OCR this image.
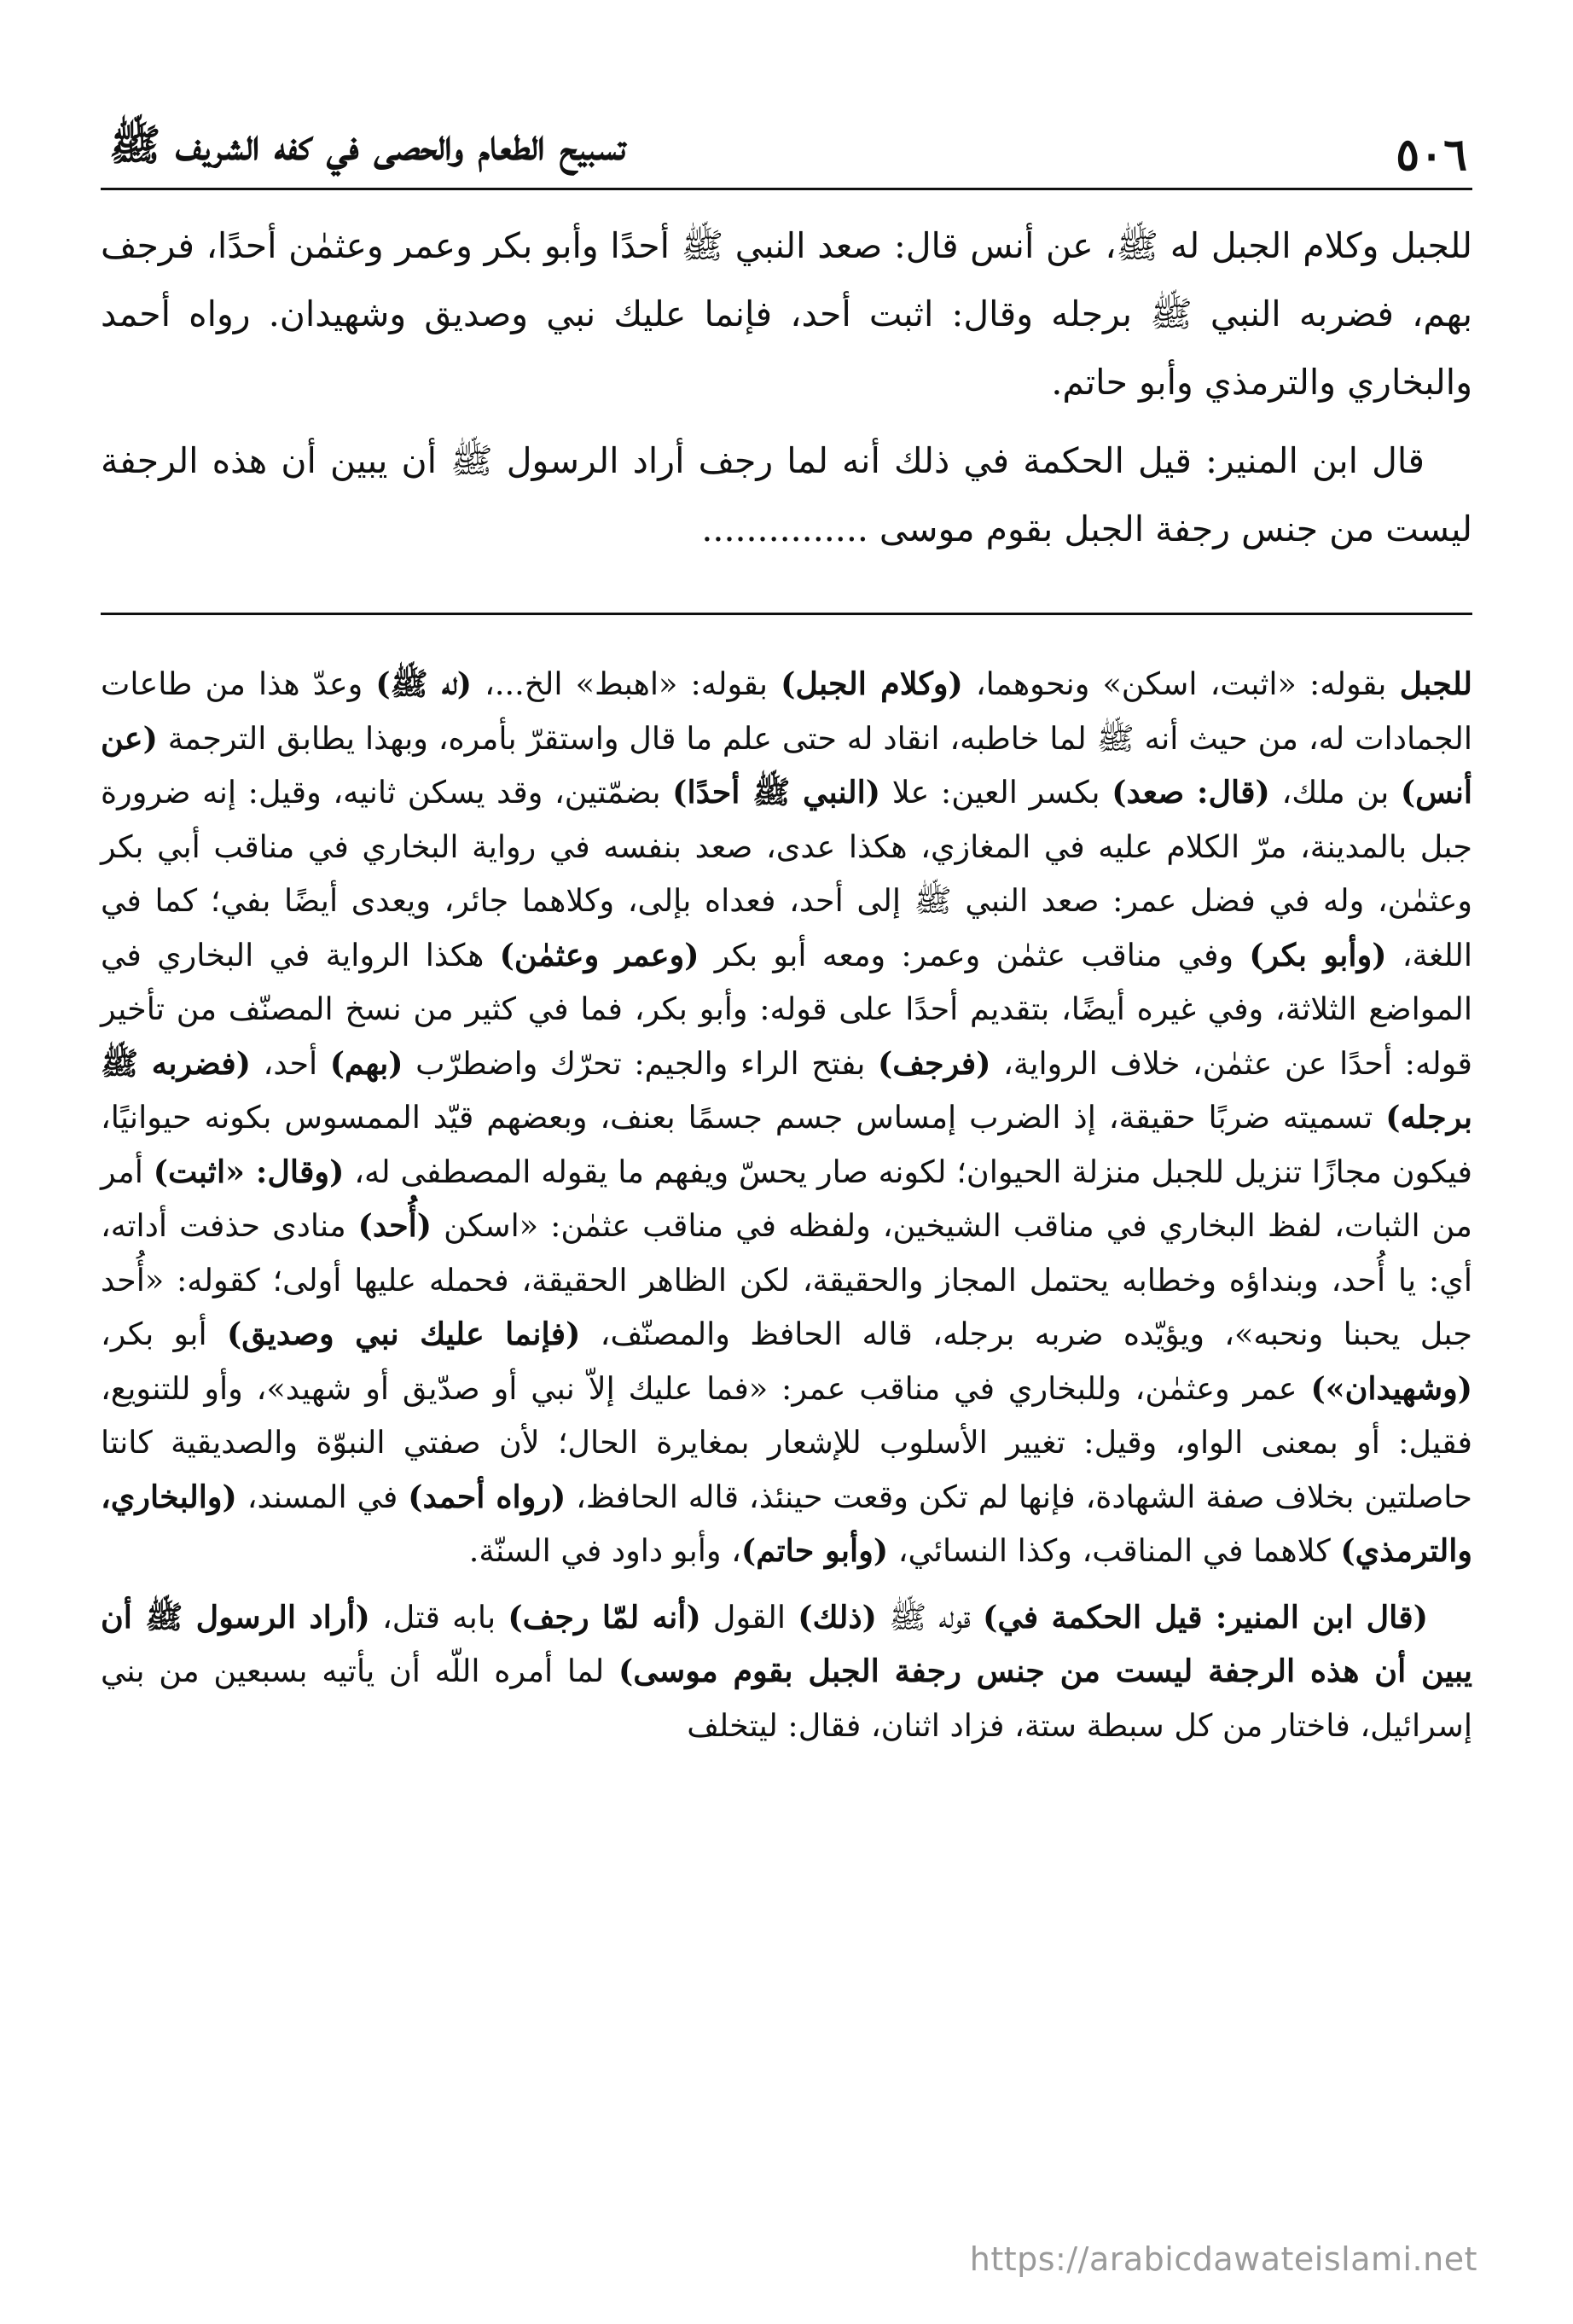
٥٠٦
تسبيح الطعام والحصى في كفه الشريف ﷺ

للجبل وكلام الجبل له ﷺ، عن أنس قال: صعد النبي ﷺ أحدًا وأبو بكر وعمر وعثمٰن أحدًا، فرجف بهم، فضربه النبي ﷺ برجله وقال: اثبت أحد، فإنما عليك نبي وصديق وشهيدان. رواه أحمد والبخاري والترمذي وأبو حاتم.

قال ابن المنير: قيل الحكمة في ذلك أنه لما رجف أراد الرسول ﷺ أن يبين أن هذه الرجفة ليست من جنس رجفة الجبل بقوم موسى ...............

للجبل بقوله: «اثبت، اسكن» ونحوهما، (وكلام الجبل) بقوله: «اهبط» الخ...، (له ﷺ) وعدّ هذا من طاعات الجمادات له، من حيث أنه ﷺ لما خاطبه، انقاد له حتى علم ما قال واستقرّ بأمره، وبهذا يطابق الترجمة (عن أنس) بن ملك، (قال: صعد) بكسر العين: علا (النبي ﷺ أحدًا) بضمّتين، وقد يسكن ثانيه، وقيل: إنه ضرورة جبل بالمدينة، مرّ الكلام عليه في المغازي، هكذا عدى، صعد بنفسه في رواية البخاري في مناقب أبي بكر وعثمٰن، وله في فضل عمر: صعد النبي ﷺ إلى أحد، فعداه بإلى، وكلاهما جائر، ويعدى أيضًا بفي؛ كما في اللغة، (وأبو بكر) وفي مناقب عثمٰن وعمر: ومعه أبو بكر (وعمر وعثمٰن) هكذا الرواية في البخاري في المواضع الثلاثة، وفي غيره أيضًا، بتقديم أحدًا على قوله: وأبو بكر، فما في كثير من نسخ المصنّف من تأخير قوله: أحدًا عن عثمٰن، خلاف الرواية، (فرجف) بفتح الراء والجيم: تحرّك واضطرّب (بهم) أحد، (فضربه ﷺ برجله) تسميته ضربًا حقيقة، إذ الضرب إمساس جسم جسمًا بعنف، وبعضهم قيّد الممسوس بكونه حيوانيًا، فيكون مجازًا تنزيل للجبل منزلة الحيوان؛ لكونه صار يحسّ ويفهم ما يقوله المصطفى له، (وقال: «اثبت) أمر من الثبات، لفظ البخاري في مناقب الشيخين، ولفظه في مناقب عثمٰن: «اسكن (أُحد) منادى حذفت أداته، أي: يا أُحد، وبنداؤه وخطابه يحتمل المجاز والحقيقة، لكن الظاهر الحقيقة، فحمله عليها أولى؛ كقوله: «أُحد جبل يحبنا ونحبه»، ويؤيّده ضربه برجله، قاله الحافظ والمصنّف، (فإنما عليك نبي وصديق) أبو بكر، (وشهيدان») عمر وعثمٰن، وللبخاري في مناقب عمر: «فما عليك إلاّ نبي أو صدّيق أو شهيد»، وأو للتنويع، فقيل: أو بمعنى الواو، وقيل: تغيير الأسلوب للإشعار بمغايرة الحال؛ لأن صفتي النبوّة والصديقية كانتا حاصلتين بخلاف صفة الشهادة، فإنها لم تكن وقعت حينئذ، قاله الحافظ، (رواه أحمد) في المسند، (والبخاري، والترمذي) كلاهما في المناقب، وكذا النسائي، (وأبو حاتم)، وأبو داود في السنّة.

(قال ابن المنير: قيل الحكمة في) قوله ﷺ (ذلك) القول (أنه لمّا رجف) بابه قتل، (أراد الرسول ﷺ أن يبين أن هذه الرجفة ليست من جنس رجفة الجبل بقوم موسى) لما أمره اللّه أن يأتيه بسبعين من بني إسرائيل، فاختار من كل سبطة ستة، فزاد اثنان، فقال: ليتخلف

https://arabicdawateislami.net
